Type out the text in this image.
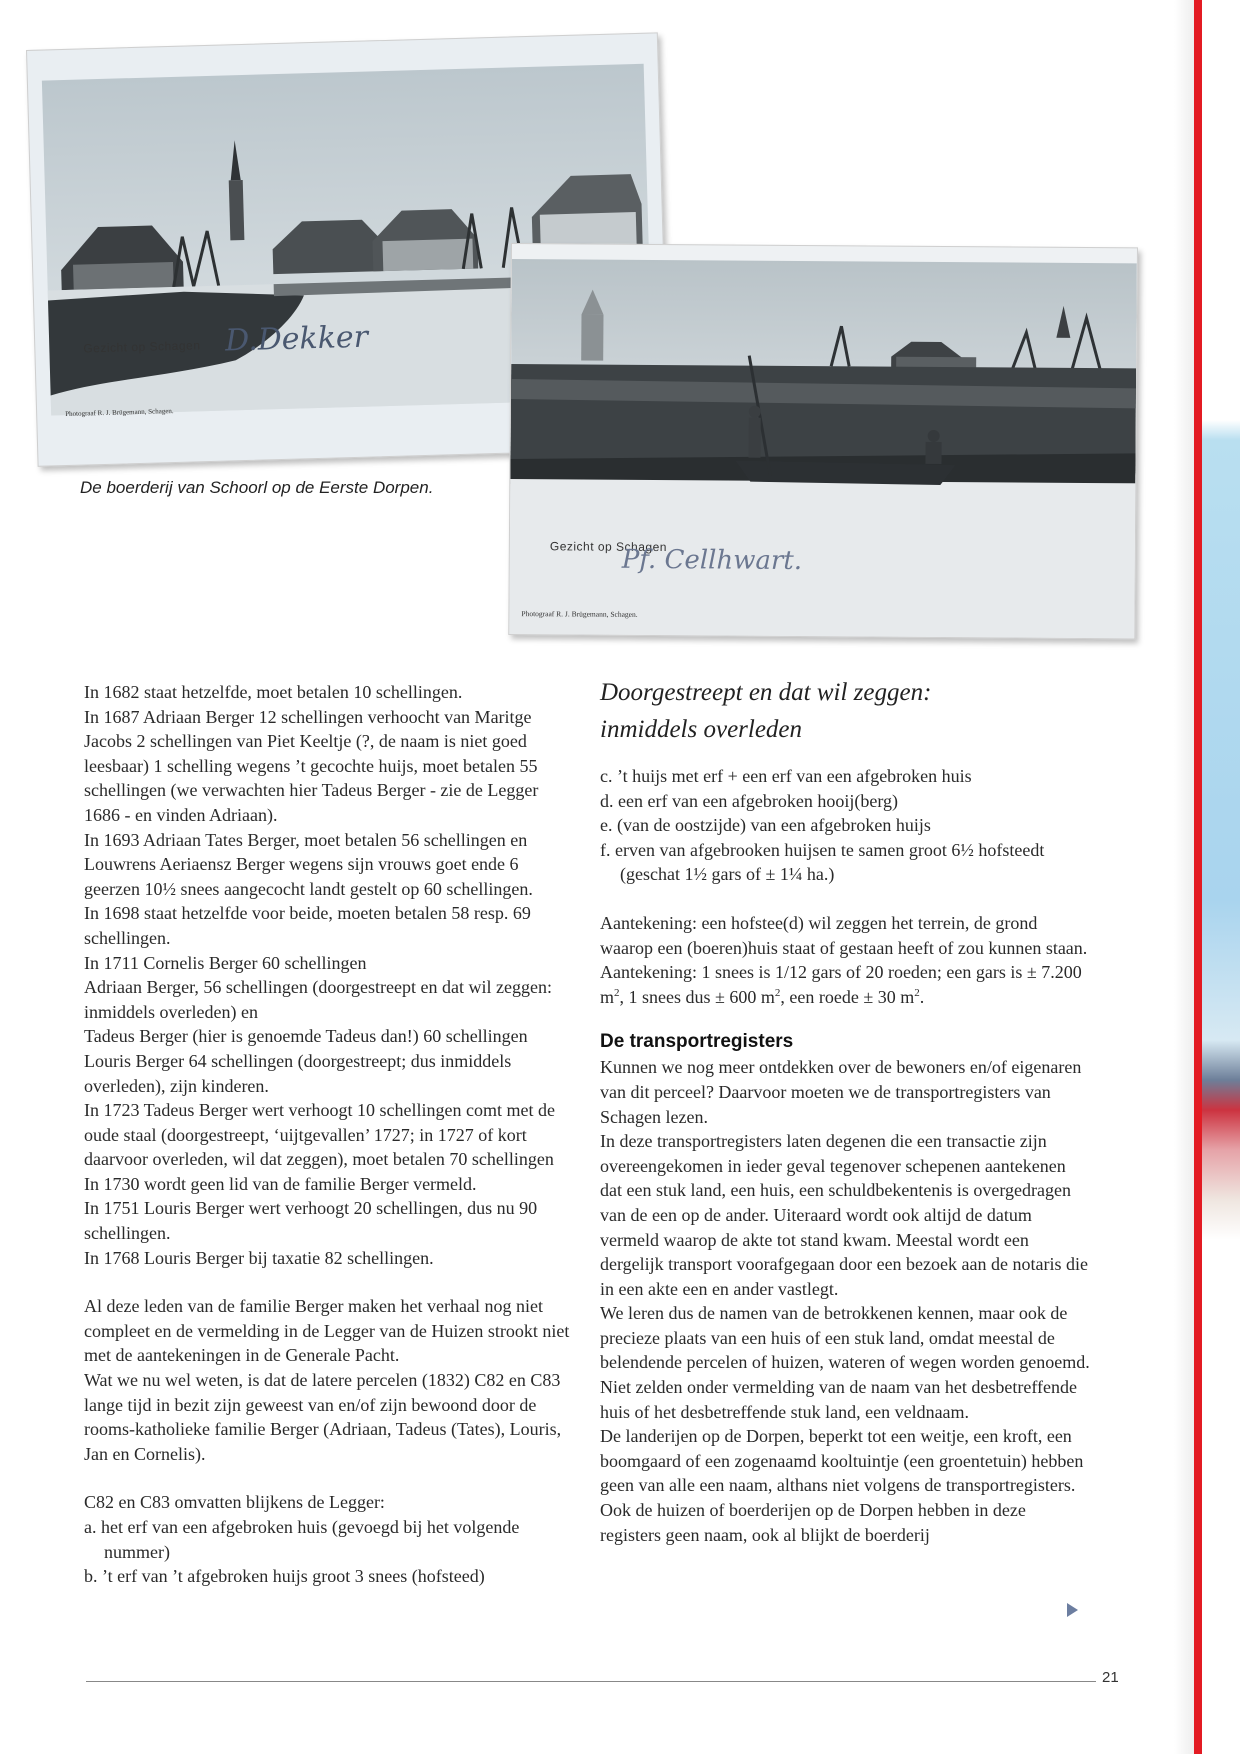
Gezicht op Schagen D.Dekker
Photograaf R. J. Brügemann, Schagen.
De boerderij van Schoorl op de Eerste Dorpen.
Gezicht op Schagen
Pf. Cellhwart.
Photograaf R. J. Brügemann, Schagen.

In 1682 staat hetzelfde, moet betalen 10 schellingen.

In 1687 Adriaan Berger 12 schellingen verhoocht van Maritge Jacobs 2 schellingen van Piet Keeltje (?, de naam is niet goed leesbaar) 1 schelling wegens ’t gecochte huijs, moet betalen 55 schellingen (we verwachten hier Tadeus Berger - zie de Legger 1686 - en vinden Adriaan).

In 1693 Adriaan Tates Berger, moet betalen 56 schellingen en Louwrens Aeriaensz Berger wegens sijn vrouws goet ende 6 geerzen 10½ snees aangecocht landt gestelt op 60 schellingen.

In 1698 staat hetzelfde voor beide, moeten betalen 58 resp. 69 schellingen.

In 1711 Cornelis Berger 60 schellingen

Adriaan Berger, 56 schellingen (doorgestreept en dat wil zeggen: inmiddels overleden) en

Tadeus Berger (hier is genoemde Tadeus dan!) 60 schellingen

Louris Berger 64 schellingen (doorgestreept; dus inmiddels overleden), zijn kinderen.

In 1723 Tadeus Berger wert verhoogt 10 schellingen comt met de oude staal (doorgestreept, ‘uijtgevallen’ 1727; in 1727 of kort daarvoor overleden, wil dat zeggen), moet betalen 70 schellingen

In 1730 wordt geen lid van de familie Berger vermeld.

In 1751 Louris Berger wert verhoogt 20 schellingen, dus nu 90 schellingen.

In 1768 Louris Berger bij taxatie 82 schellingen.

Al deze leden van de familie Berger maken het verhaal nog niet compleet en de vermelding in de Legger van de Huizen strookt niet met de aantekeningen in de Generale Pacht.

Wat we nu wel weten, is dat de latere percelen (1832) C82 en C83 lange tijd in bezit zijn geweest van en/of zijn bewoond door de rooms-katholieke familie Berger (Adriaan, Tadeus (Tates), Louris, Jan en Cornelis).

C82 en C83 omvatten blijkens de Legger:

a. het erf van een afgebroken huis (gevoegd bij het volgende nummer)

b. ’t erf van ’t afgebroken huijs groot 3 snees (hofsteed)

Doorgestreept en dat wil zeggen: inmiddels overleden

c. ’t huijs met erf + een erf van een afgebroken huis

d. een erf van een afgebroken hooij(berg)

e. (van de oostzijde) van een afgebroken huijs

f. erven van afgebrooken huijsen te samen groot 6½ hofsteedt (geschat 1½ gars of ± 1¼ ha.)

Aantekening: een hofstee(d) wil zeggen het terrein, de grond waarop een (boeren)huis staat of gestaan heeft of zou kunnen staan.

Aantekening: 1 snees is 1/12 gars of 20 roeden; een gars is ± 7.200 $m^2$, 1 snees dus ± 600 $m^2$, een roede ± 30 $m^2$.

De transportregisters

Kunnen we nog meer ontdekken over de bewoners en/of eigenaren van dit perceel? Daarvoor moeten we de transportregisters van Schagen lezen.

In deze transportregisters laten degenen die een transactie zijn overeengekomen in ieder geval tegenover schepenen aantekenen dat een stuk land, een huis, een schuldbekentenis is overgedragen van de een op de ander. Uiteraard wordt ook altijd de datum vermeld waarop de akte tot stand kwam. Meestal wordt een dergelijk transport voorafgegaan door een bezoek aan de notaris die in een akte een en ander vastlegt.

We leren dus de namen van de betrokkenen kennen, maar ook de precieze plaats van een huis of een stuk land, omdat meestal de belendende percelen of huizen, wateren of wegen worden genoemd. Niet zelden onder vermelding van de naam van het desbetreffende huis of het desbetreffende stuk land, een veldnaam.

De landerijen op de Dorpen, beperkt tot een weitje, een kroft, een boomgaard of een zogenaamd kooltuintje (een groentetuin) hebben geen van alle een naam, althans niet volgens de transportregisters. Ook de huizen of boerderijen op de Dorpen hebben in deze registers geen naam, ook al blijkt de boerderij

21
